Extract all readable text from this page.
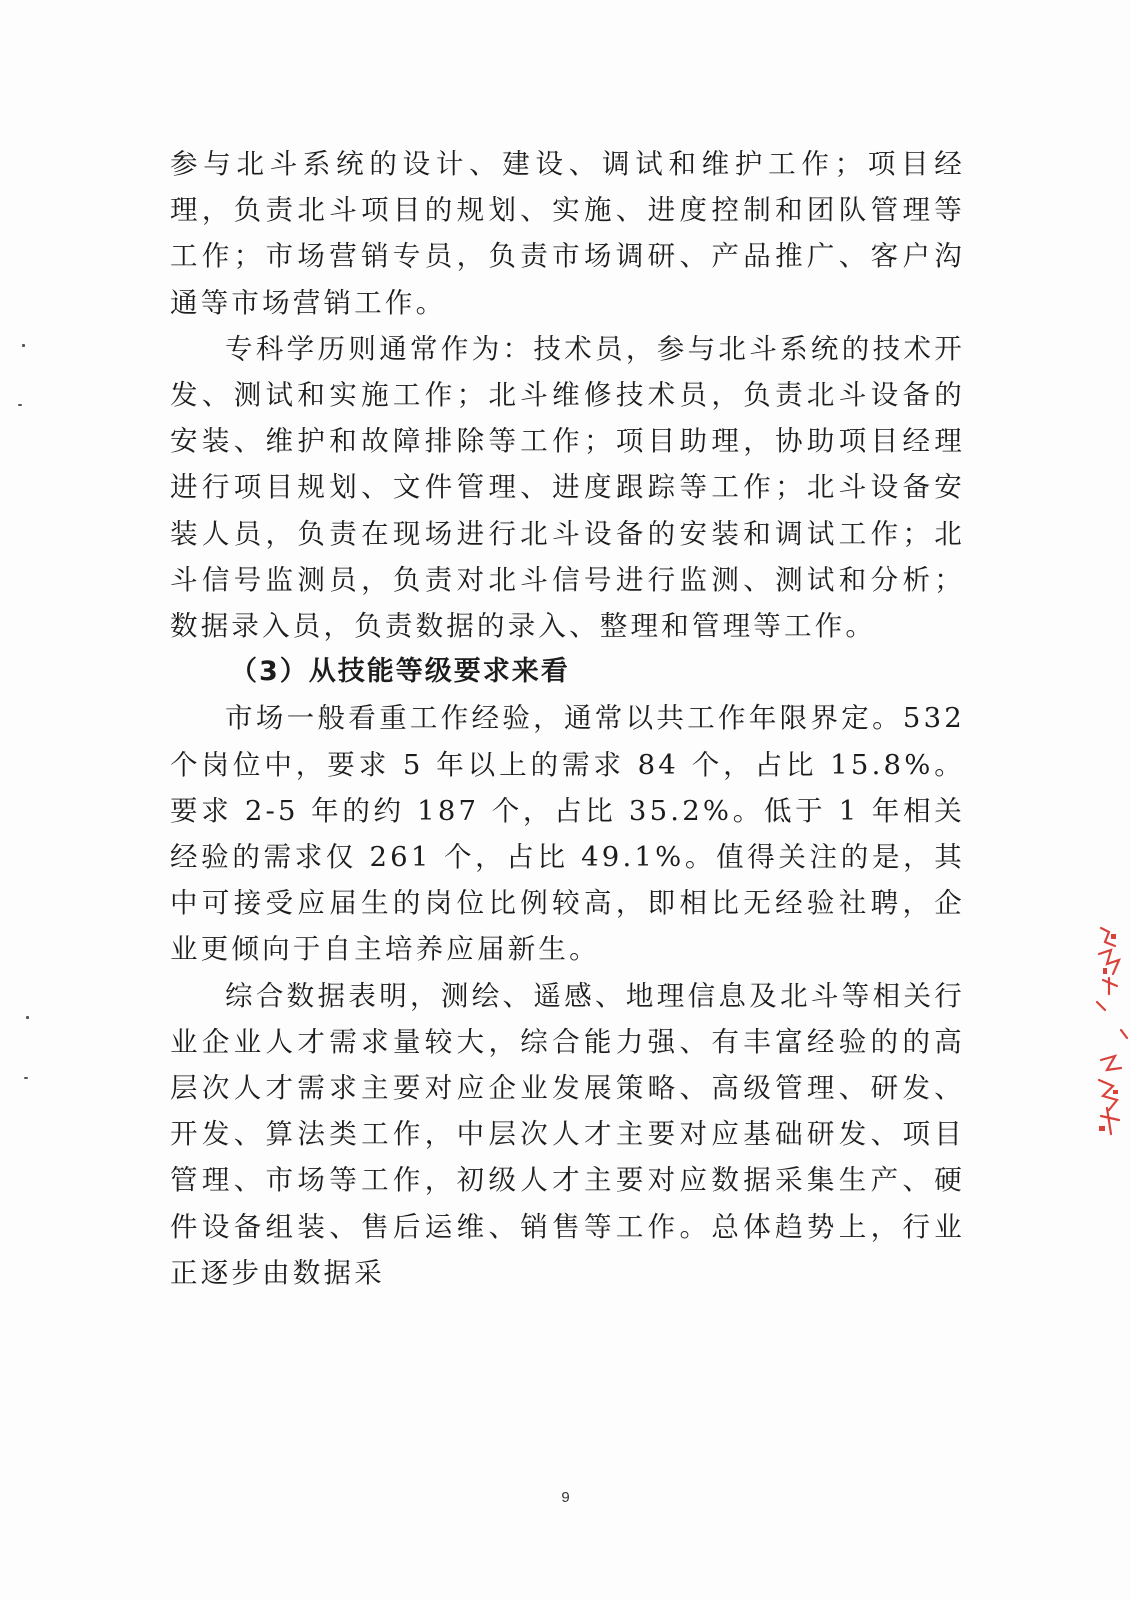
参与北斗系统的设计、建设、调试和维护工作；项目经理，负责北斗项目的规划、实施、进度控制和团队管理等工作；市场营销专员，负责市场调研、产品推广、客户沟通等市场营销工作。

专科学历则通常作为：技术员，参与北斗系统的技术开发、测试和实施工作；北斗维修技术员，负责北斗设备的安装、维护和故障排除等工作；项目助理，协助项目经理进行项目规划、文件管理、进度跟踪等工作；北斗设备安装人员，负责在现场进行北斗设备的安装和调试工作；北斗信号监测员，负责对北斗信号进行监测、测试和分析；数据录入员，负责数据的录入、整理和管理等工作。

（3）从技能等级要求来看

市场一般看重工作经验，通常以共工作年限界定。532个岗位中，要求 5 年以上的需求 84 个，占比 15.8%。要求 2-5 年的约 187 个，占比 35.2%。低于 1 年相关经验的需求仅 261 个，占比 49.1%。值得关注的是，其中可接受应届生的岗位比例较高，即相比无经验社聘，企业更倾向于自主培养应届新生。

综合数据表明，测绘、遥感、地理信息及北斗等相关行业企业人才需求量较大，综合能力强、有丰富经验的的高层次人才需求主要对应企业发展策略、高级管理、研发、开发、算法类工作，中层次人才主要对应基础研发、项目管理、市场等工作，初级人才主要对应数据采集生产、硬件设备组装、售后运维、销售等工作。总体趋势上，行业正逐步由数据采

9
